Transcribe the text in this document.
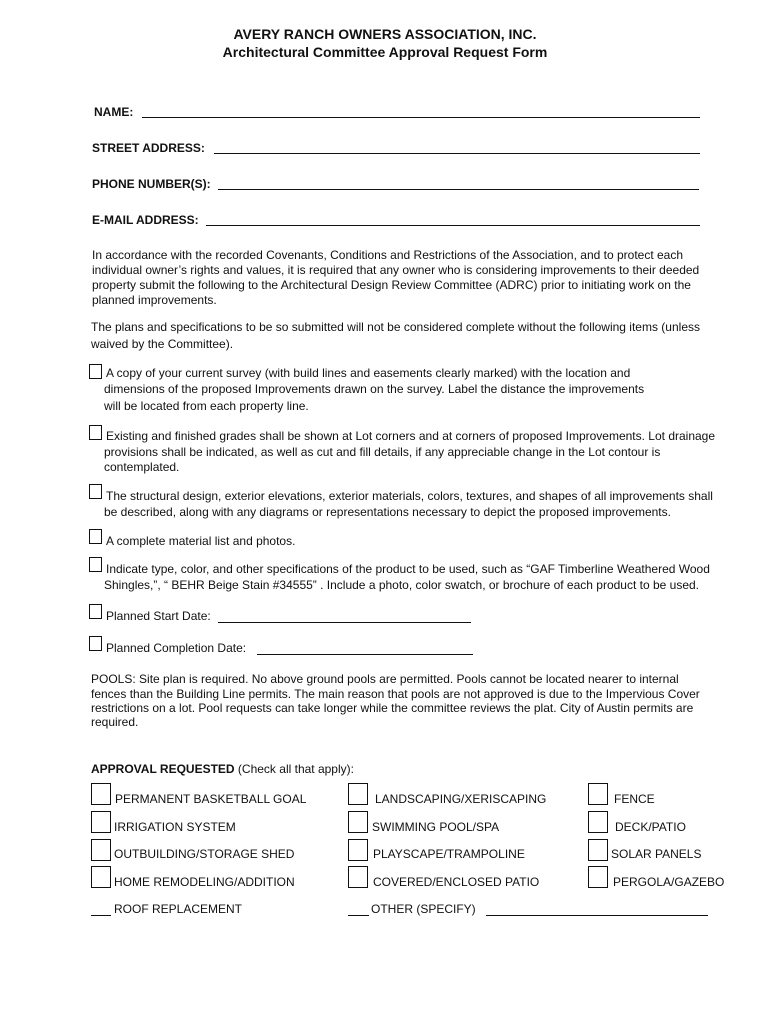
AVERY RANCH OWNERS ASSOCIATION, INC.
Architectural Committee Approval Request Form
NAME:
STREET ADDRESS:
PHONE NUMBER(S):
E-MAIL ADDRESS:
In accordance with the recorded Covenants, Conditions and Restrictions of the Association, and to protect each
individual owner’s rights and values, it is required that any owner who is considering improvements to their deeded
property submit the following to the Architectural Design Review Committee (ADRC) prior to initiating work on the
planned improvements.
The plans and specifications to be so submitted will not be considered complete without the following items (unless
waived by the Committee).
A copy of your current survey (with build lines and easements clearly marked) with the location and
dimensions of the proposed Improvements drawn on the survey. Label the distance the improvements
will be located from each property line.
Existing and finished grades shall be shown at Lot corners and at corners of proposed Improvements. Lot drainage
provisions shall be indicated, as well as cut and fill details, if any appreciable change in the Lot contour is
contemplated.
The structural design, exterior elevations, exterior materials, colors, textures, and shapes of all improvements shall
be described, along with any diagrams or representations necessary to depict the proposed improvements.
A complete material list and photos.
Indicate type, color, and other specifications of the product to be used, such as “GAF Timberline Weathered Wood
Shingles,”, “ BEHR Beige Stain #34555” . Include a photo, color swatch, or brochure of each product to be used.
Planned Start Date:
Planned Completion Date:
POOLS: Site plan is required. No above ground pools are permitted. Pools cannot be located nearer to internal
fences than the Building Line permits. The main reason that pools are not approved is due to the Impervious Cover
restrictions on a lot. Pool requests can take longer while the committee reviews the plat. City of Austin permits are
required.
APPROVAL REQUESTED (Check all that apply):
PERMANENT BASKETBALL GOAL
IRRIGATION SYSTEM
OUTBUILDING/STORAGE SHED
HOME REMODELING/ADDITION
ROOF REPLACEMENT
LANDSCAPING/XERISCAPING
SWIMMING POOL/SPA
PLAYSCAPE/TRAMPOLINE
COVERED/ENCLOSED PATIO
OTHER (SPECIFY)
FENCE
DECK/PATIO
SOLAR PANELS
PERGOLA/GAZEBO
